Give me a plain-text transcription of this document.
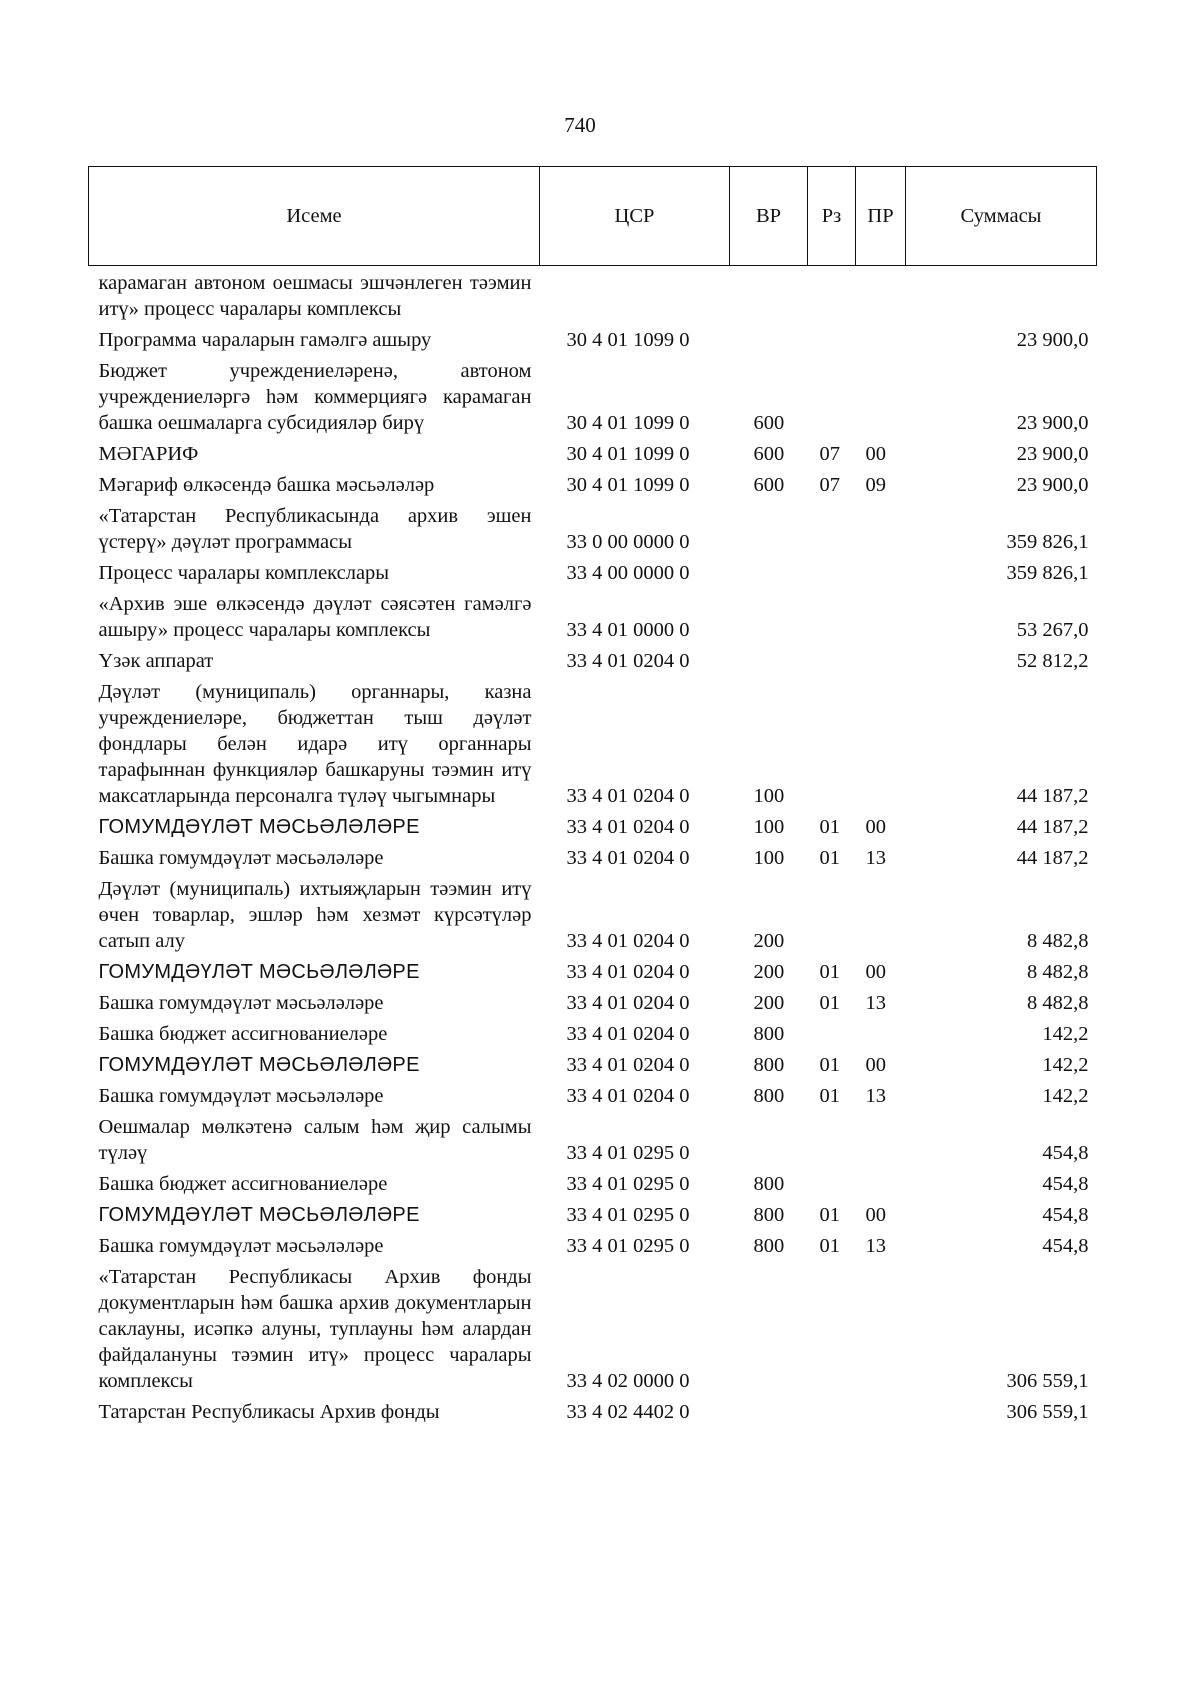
740
Исеме	ЦСР	ВР	Рз	ПР	Суммасы
карамаган автоном оешмасы эшчәнлеген тәэмин итү» процесс чаралары комплексы					
Программа чараларын гамәлгә ашыру	30 4 01 1099 0				23 900,0
Бюджет учреждениеләренә, автоном учреждениеләргә һәм коммерциягә карамаган башка оешмаларга субсидияләр бирү	30 4 01 1099 0	600			23 900,0
МӘГАРИФ	30 4 01 1099 0	600	07	00	23 900,0
Мәгариф өлкәсендә башка мәсьәләләр	30 4 01 1099 0	600	07	09	23 900,0
«Татарстан Республикасында архив эшен үстерү» дәүләт программасы	33 0 00 0000 0				359 826,1
Процесс чаралары комплекслары	33 4 00 0000 0				359 826,1
«Архив эше өлкәсендә дәүләт сәясәтен гамәлгә ашыру» процесс чаралары комплексы	33 4 01 0000 0				53 267,0
Үзәк аппарат	33 4 01 0204 0				52 812,2
Дәүләт (муниципаль) органнары, казна учреждениеләре, бюджеттан тыш дәүләт фондлары белән идарә итү органнары тарафыннан функцияләр башкаруны тәэмин итү максатларында персоналга түләү чыгымнары	33 4 01 0204 0	100			44 187,2
ГОМУМДӘҮЛӘТ МӘСЬӘЛӘЛӘРЕ	33 4 01 0204 0	100	01	00	44 187,2
Башка гомумдәүләт мәсьәләләре	33 4 01 0204 0	100	01	13	44 187,2
Дәүләт (муниципаль) ихтыяҗларын тәэмин итү өчен товарлар, эшләр һәм хезмәт күрсәтүләр сатып алу	33 4 01 0204 0	200			8 482,8
ГОМУМДӘҮЛӘТ МӘСЬӘЛӘЛӘРЕ	33 4 01 0204 0	200	01	00	8 482,8
Башка гомумдәүләт мәсьәләләре	33 4 01 0204 0	200	01	13	8 482,8
Башка бюджет ассигнованиеләре	33 4 01 0204 0	800			142,2
ГОМУМДӘҮЛӘТ МӘСЬӘЛӘЛӘРЕ	33 4 01 0204 0	800	01	00	142,2
Башка гомумдәүләт мәсьәләләре	33 4 01 0204 0	800	01	13	142,2
Оешмалар мөлкәтенә салым һәм җир салымы түләү	33 4 01 0295 0				454,8
Башка бюджет ассигнованиеләре	33 4 01 0295 0	800			454,8
ГОМУМДӘҮЛӘТ МӘСЬӘЛӘЛӘРЕ	33 4 01 0295 0	800	01	00	454,8
Башка гомумдәүләт мәсьәләләре	33 4 01 0295 0	800	01	13	454,8
«Татарстан Республикасы Архив фонды документларын һәм башка архив документларын саклауны, исәпкә алуны, туплауны һәм алардан файдалануны тәэмин итү» процесс чаралары комплексы	33 4 02 0000 0				306 559,1
Татарстан Республикасы Архив фонды	33 4 02 4402 0				306 559,1
